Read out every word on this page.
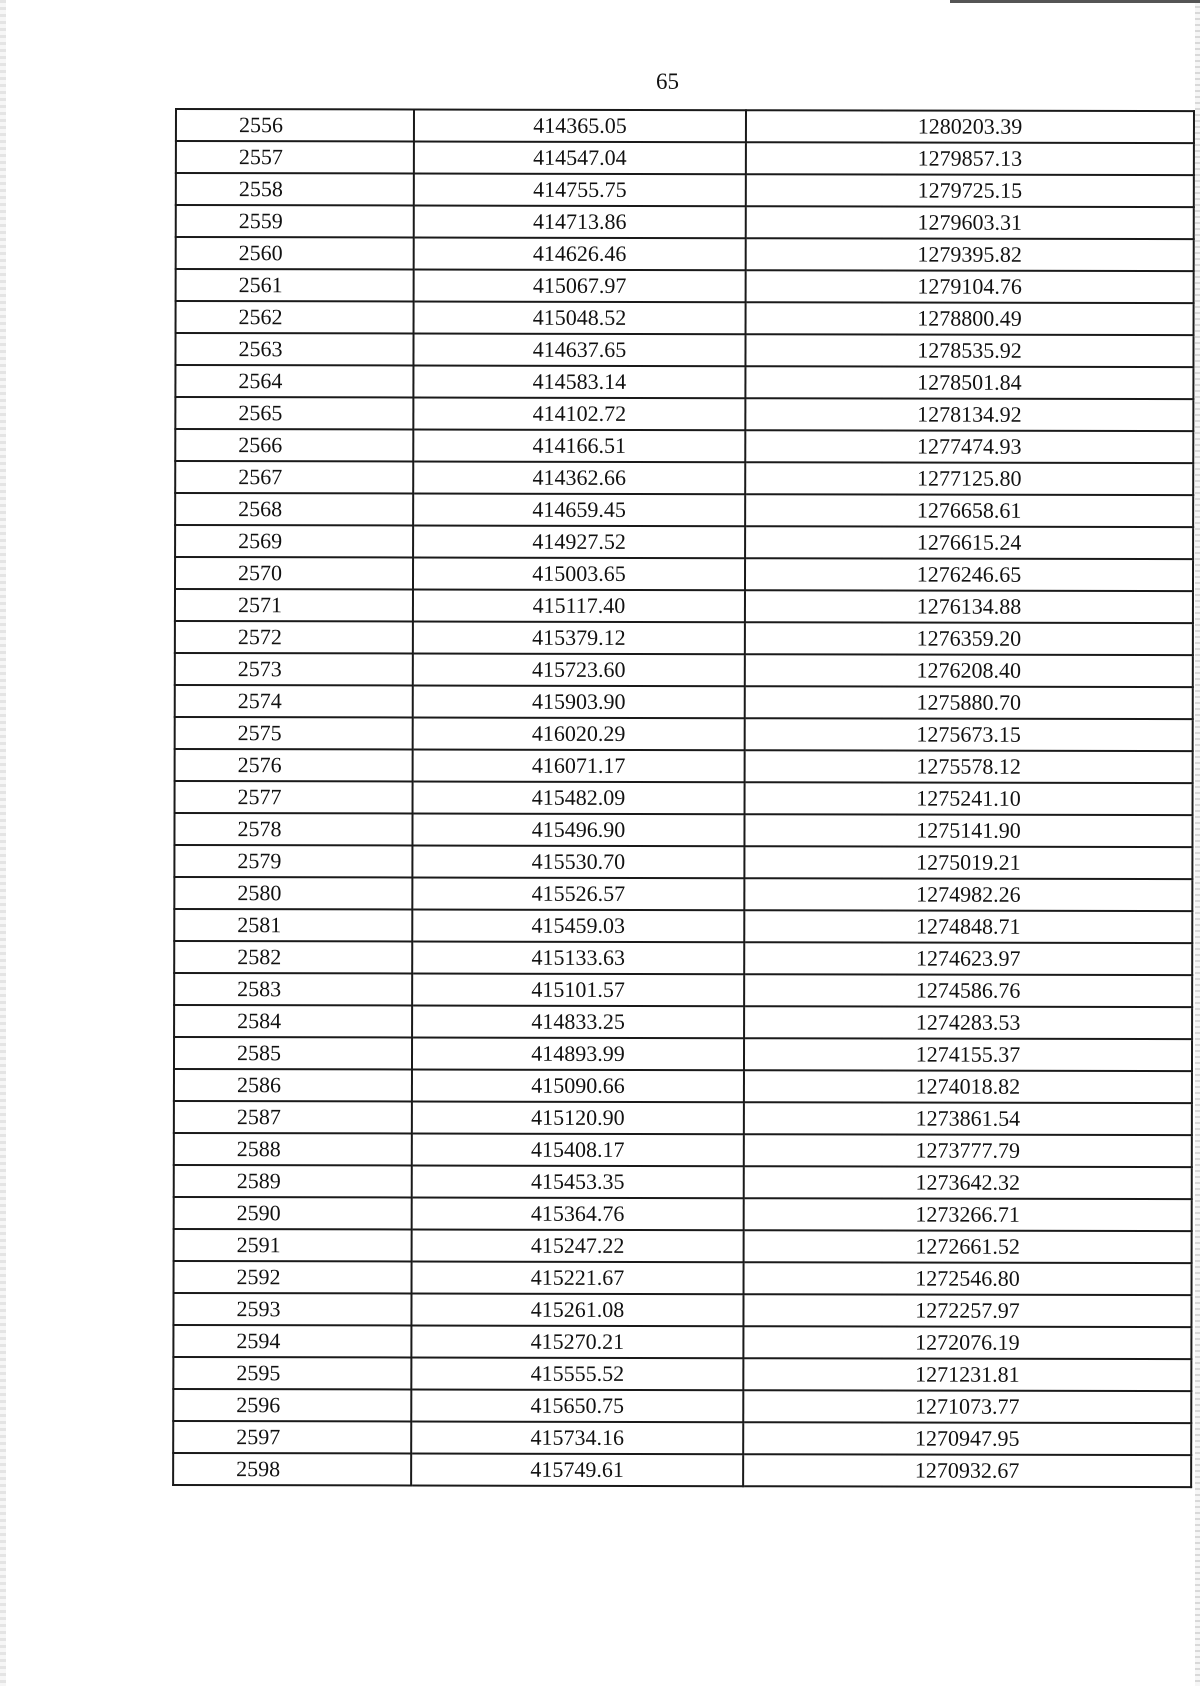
65
2556	414365.05	1280203.39
2557	414547.04	1279857.13
2558	414755.75	1279725.15
2559	414713.86	1279603.31
2560	414626.46	1279395.82
2561	415067.97	1279104.76
2562	415048.52	1278800.49
2563	414637.65	1278535.92
2564	414583.14	1278501.84
2565	414102.72	1278134.92
2566	414166.51	1277474.93
2567	414362.66	1277125.80
2568	414659.45	1276658.61
2569	414927.52	1276615.24
2570	415003.65	1276246.65
2571	415117.40	1276134.88
2572	415379.12	1276359.20
2573	415723.60	1276208.40
2574	415903.90	1275880.70
2575	416020.29	1275673.15
2576	416071.17	1275578.12
2577	415482.09	1275241.10
2578	415496.90	1275141.90
2579	415530.70	1275019.21
2580	415526.57	1274982.26
2581	415459.03	1274848.71
2582	415133.63	1274623.97
2583	415101.57	1274586.76
2584	414833.25	1274283.53
2585	414893.99	1274155.37
2586	415090.66	1274018.82
2587	415120.90	1273861.54
2588	415408.17	1273777.79
2589	415453.35	1273642.32
2590	415364.76	1273266.71
2591	415247.22	1272661.52
2592	415221.67	1272546.80
2593	415261.08	1272257.97
2594	415270.21	1272076.19
2595	415555.52	1271231.81
2596	415650.75	1271073.77
2597	415734.16	1270947.95
2598	415749.61	1270932.67
